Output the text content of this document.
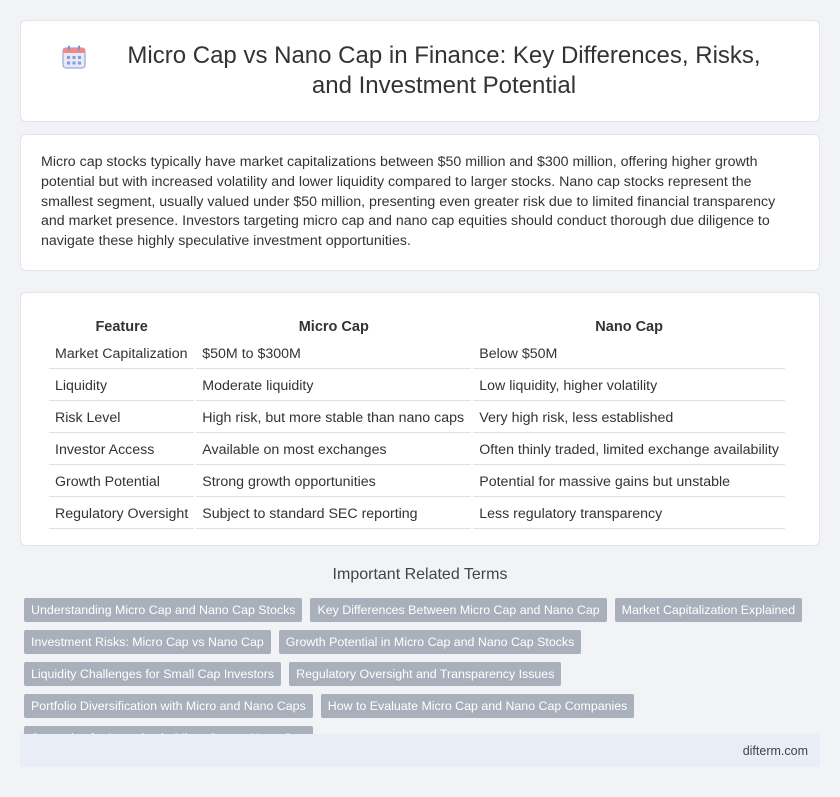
Micro Cap vs Nano Cap in Finance: Key Differences, Risks, and Investment Potential

Micro cap stocks typically have market capitalizations between $50 million and $300 million, offering higher growth potential but with increased volatility and lower liquidity compared to larger stocks. Nano cap stocks represent the smallest segment, usually valued under $50 million, presenting even greater risk due to limited financial transparency and market presence. Investors targeting micro cap and nano cap equities should conduct thorough due diligence to navigate these highly speculative investment opportunities.

Feature	Micro Cap	Nano Cap
Market Capitalization	$50M to $300M	Below $50M
Liquidity	Moderate liquidity	Low liquidity, higher volatility
Risk Level	High risk, but more stable than nano caps	Very high risk, less established
Investor Access	Available on most exchanges	Often thinly traded, limited exchange availability
Growth Potential	Strong growth opportunities	Potential for massive gains but unstable
Regulatory Oversight	Subject to standard SEC reporting	Less regulatory transparency
Important Related Terms
Understanding Micro Cap and Nano Cap Stocks	Key Differences Between Micro Cap and Nano Cap	Market Capitalization Explained
Investment Risks: Micro Cap vs Nano Cap	Growth Potential in Micro Cap and Nano Cap Stocks
Liquidity Challenges for Small Cap Investors	Regulatory Oversight and Transparency Issues
Portfolio Diversification with Micro and Nano Caps	How to Evaluate Micro Cap and Nano Cap Companies
difterm.com
